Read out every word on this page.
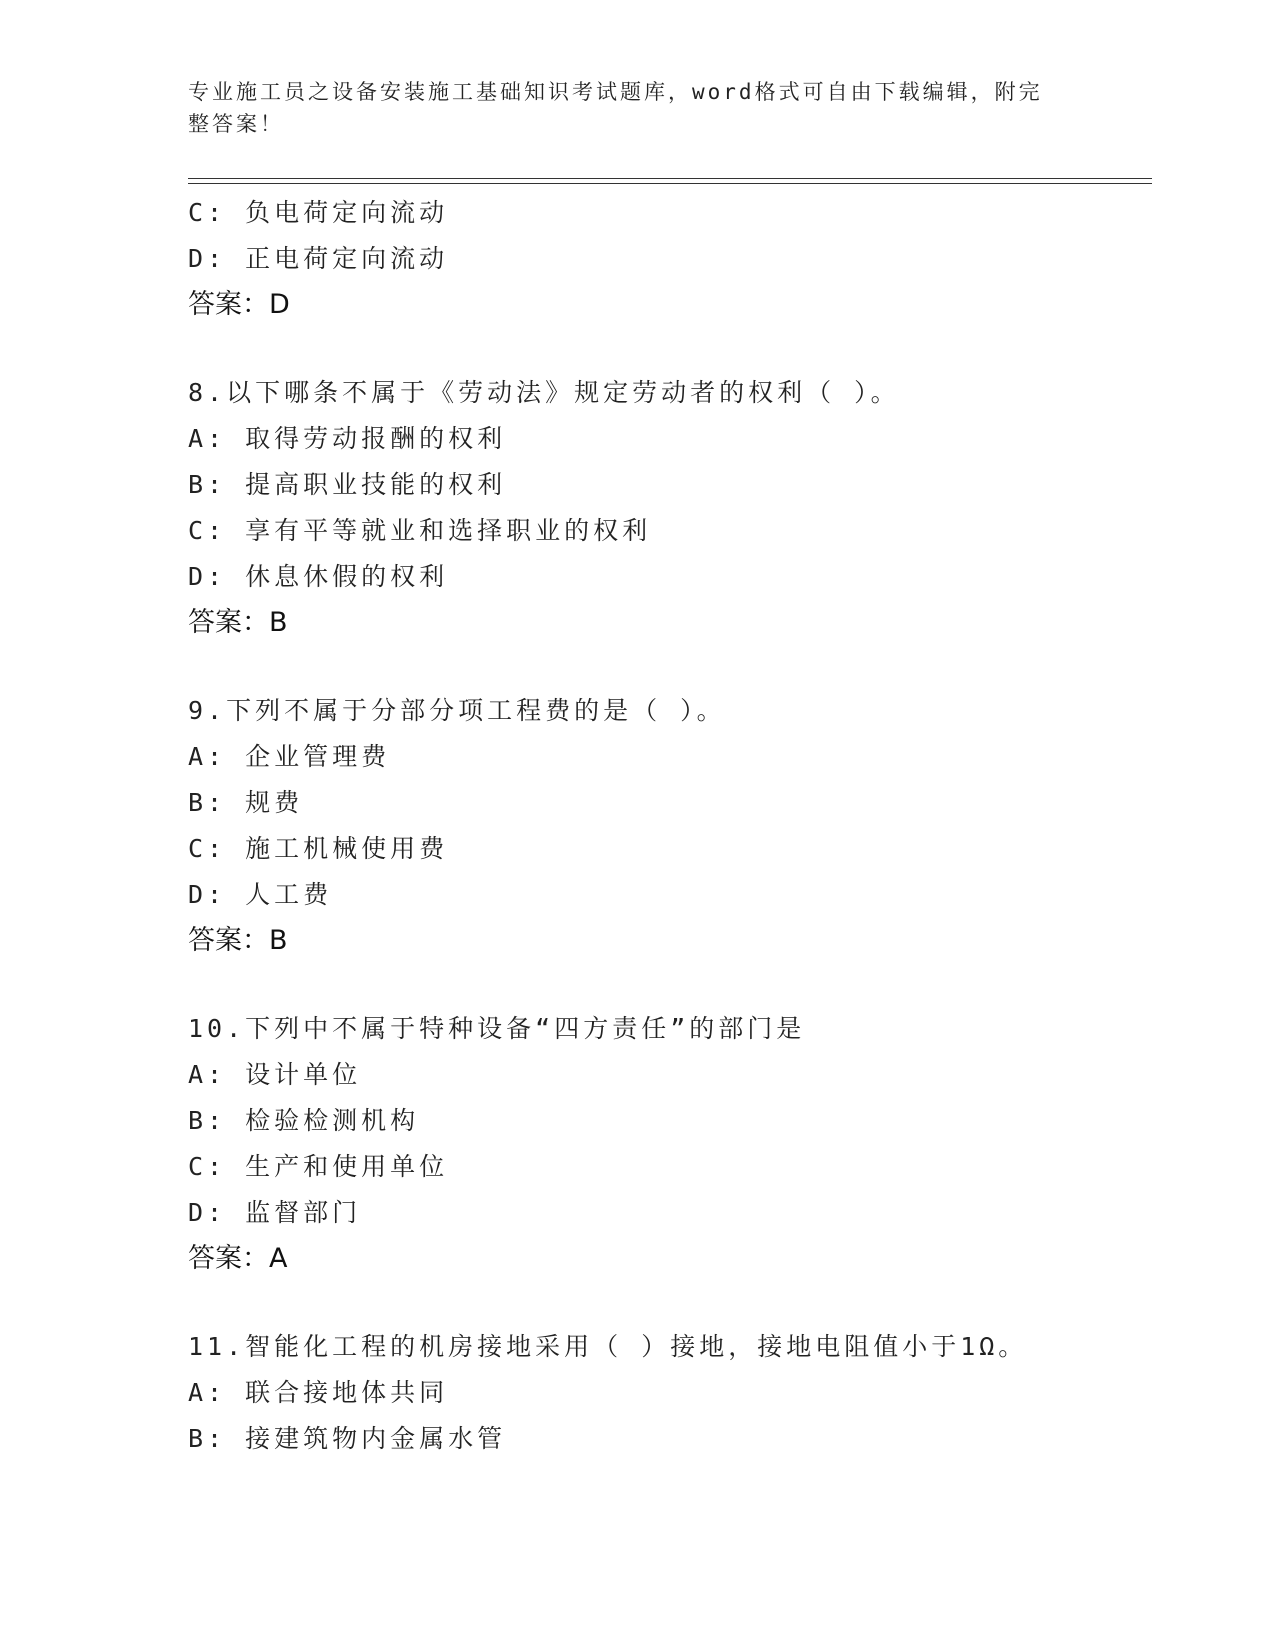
专业施工员之设备安装施工基础知识考试题库，word格式可自由下载编辑，附完
整答案！
C: 负电荷定向流动
D: 正电荷定向流动
答案：D
8.以下哪条不属于《劳动法》规定劳动者的权利（ ）。
A: 取得劳动报酬的权利
B: 提高职业技能的权利
C: 享有平等就业和选择职业的权利
D: 休息休假的权利
答案：B
9.下列不属于分部分项工程费的是（ ）。
A: 企业管理费
B: 规费
C: 施工机械使用费
D: 人工费
答案：B
10.下列中不属于特种设备“四方责任”的部门是
A: 设计单位
B: 检验检测机构
C: 生产和使用单位
D: 监督部门
答案：A
11.智能化工程的机房接地采用（ ）接地，接地电阻值小于1Ω。
A: 联合接地体共同
B: 接建筑物内金属水管
